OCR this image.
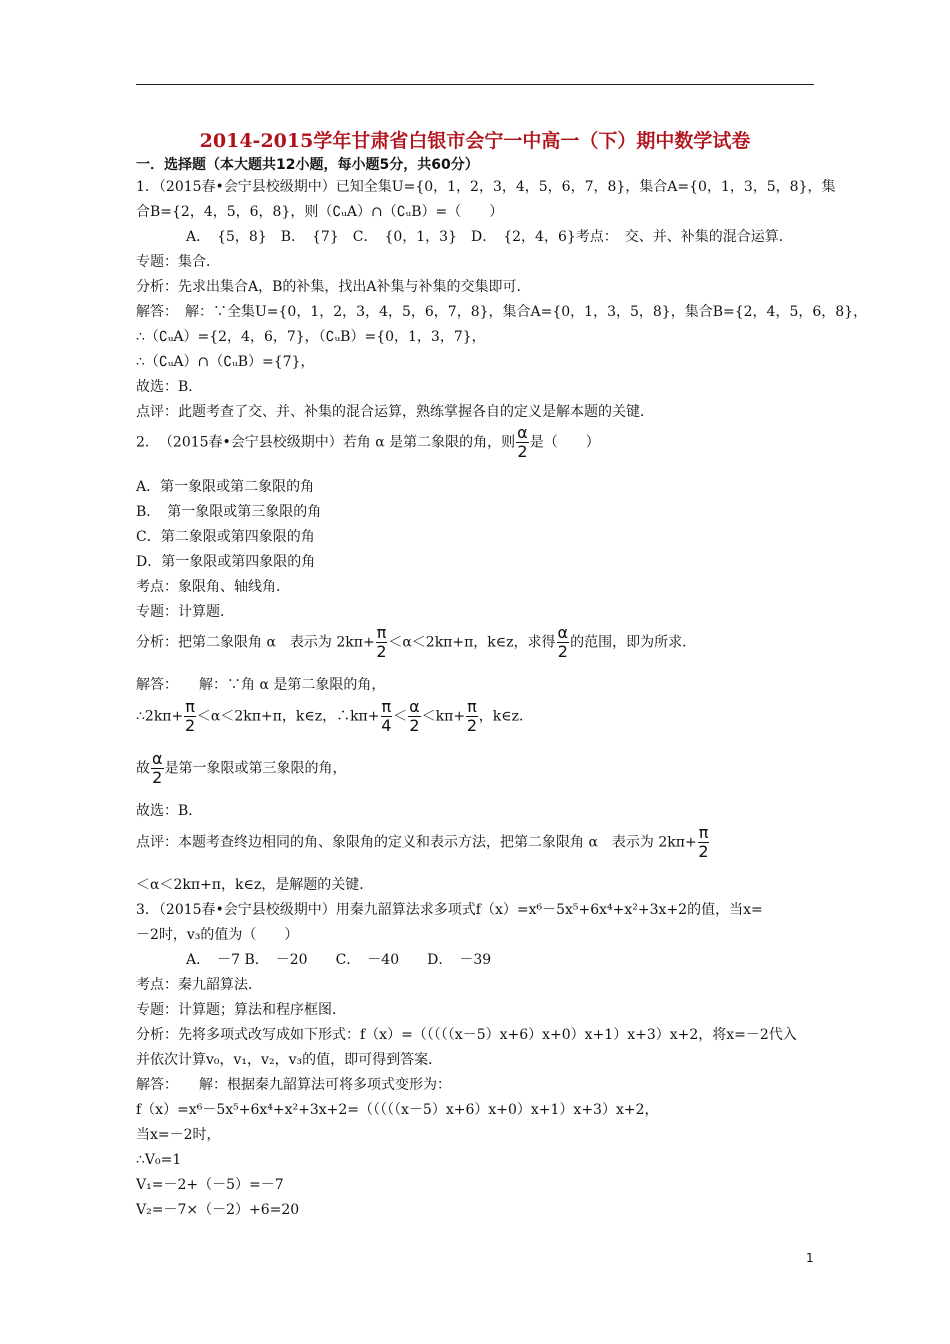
2014-2015学年甘肃省白银市会宁一中高一（下）期中数学试卷
一．选择题（本大题共12小题，每小题5分，共60分）
1．（2015春•会宁县校级期中）已知全集U={0，1，2，3，4，5，6，7，8}，集合A={0，1，3，5，8}，集
合B={2，4，5，6，8}，则（∁ᵤA）∩（∁ᵤB）=（　　）
A．　{5，8}　B．　{7}　C．　{0，1，3}　D．　{2，4，6}考点：　交、并、补集的混合运算．
专题：集合．
分析：先求出集合A，B的补集，找出A补集与补集的交集即可．
解答：　解：∵全集U={0，1，2，3，4，5，6，7，8}，集合A={0，1，3，5，8}，集合B={2，4，5，6，8}，
∴（∁ᵤA）={2，4，6，7}，（∁ᵤB）={0，1，3，7}，
∴（∁ᵤA）∩（∁ᵤB）={7}，
故选：B．
点评：此题考查了交、并、补集的混合运算，熟练掌握各自的定义是解本题的关键．
2．　（2015春•会宁县校级期中）若角 α 是第二象限的角，则 $\frac{\alpha}{2}$ 是（　　）
A．第一象限或第二象限的角
B．　第一象限或第三象限的角
C．第二象限或第四象限的角
D．第一象限或第四象限的角
考点：象限角、轴线角．
专题：计算题．
分析：把第二象限角 α　表示为 $2k\pi+ \frac{\pi}{2} <\alpha<2k\pi+\pi$，k∈z，求得 $\frac{\alpha}{2}$ 的范围，即为所求．
解答：　　解：∵角 α 是第二象限的角，
∴2kπ+ $\frac{\pi}{2} <\alpha<2k\pi+\pi$，k∈z，∴kπ+ $\frac{\pi}{4} < \frac{\alpha}{2} <k\pi+ \frac{\pi}{2}$ ，k∈z．
故 $\frac{\alpha}{2}$ 是第一象限或第三象限的角，
故选：B．
点评：本题考查终边相同的角、象限角的定义和表示方法，把第二象限角 α　表示为 $2k\pi+ \frac{\pi}{2}$
＜α＜2kπ+π，k∈z，是解题的关键．
3．（2015春•会宁县校级期中）用秦九韶算法求多项式f（x）=x⁶－5x⁵+6x⁴+x²+3x+2的值，当x=
－2时，v₃的值为（　　）
A．　－7 B．　－20　　C．　－40　　D．　－39
考点：秦九韶算法．
专题：计算题；算法和程序框图．
分析：先将多项式改写成如下形式：f（x）=（（（（（x－5）x+6）x+0）x+1）x+3）x+2，将x=－2代入
并依次计算v₀，v₁，v₂，v₃的值，即可得到答案．
解答：　　解：根据秦九韶算法可将多项式变形为：
f（x）=x⁶－5x⁵+6x⁴+x²+3x+2=（（（（（x－5）x+6）x+0）x+1）x+3）x+2，
当x=－2时，
∴V₀=1
V₁=－2+（－5）=－7
V₂=－7×（－2）+6=20
1
